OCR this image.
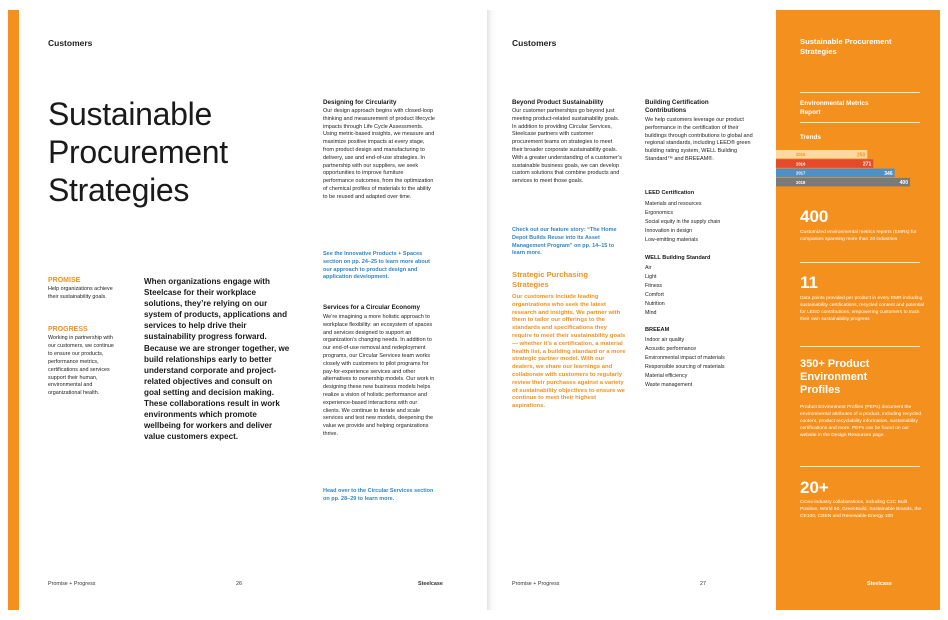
Customers
Sustainable
Procurement
Strategies
PROMISE
Help organizations achieve their sustainability goals.
PROGRESS
Working in partnership with our customers, we continue to ensure our products, performance metrics, certifications and services support their human, environmental and organizational health.
When organizations engage with Steelcase for their workplace solutions, they’re relying on our system of products, applications and services to help drive their sustainability progress forward. Because we are stronger together, we build relationships early to better understand corporate and project-related objectives and consult on goal setting and decision making. These collaborations result in work environments which promote wellbeing for workers and deliver value customers expect.
Designing for Circularity
Our design approach begins with closed-loop thinking and measurement of product lifecycle impacts through Life Cycle Assessments. Using metric-based insights, we measure and maximize positive impacts at every stage, from product design and manufacturing to delivery, use and end-of-use strategies. In partnership with our suppliers, we seek opportunities to improve furniture performance outcomes, from the optimization of chemical profiles of materials to the ability to be reused and adapted over time.
See the Innovative Products + Spaces section on pp. 24–25 to learn more about our approach to product design and application development.
Services for a Circular Economy
We’re imagining a more holistic approach to workplace flexibility: an ecosystem of spaces and services designed to support an organization’s changing needs. In addition to our end-of-use removal and redeployment programs, our Circular Services team works closely with customers to pilot programs for pay-for-experience services and other alternatives to ownership models. Our work in designing these new business models helps realize a vision of holistic performance and experience-based interactions with our clients. We continue to iterate and scale services and test new models, deepening the value we provide and helping organizations thrive.
Head over to the Circular Services section on pp. 28–29 to learn more.
Promise + Progress	26	Steelcase
Customers
Beyond Product Sustainability
Our customer partnerships go beyond just meeting product-related sustainability goals. In addition to providing Circular Services, Steelcase partners with customer procurement teams on strategies to meet their broader corporate sustainability goals. With a greater understanding of a customer’s sustainable business goals, we can develop custom solutions that combine products and services to meet those goals.
Check out our feature story: “The Home Depot Builds Reuse into its Asset Management Program” on pp. 14–15 to learn more.
Strategic Purchasing Strategies
Our customers include leading organizations who seek the latest research and insights. We partner with them to tailor our offerings to the standards and specifications they require to meet their sustainability goals — whether it’s a certification, a material health list, a building standard or a more strategic partner model. With our dealers, we share our learnings and collaborate with customers to regularly review their purchases against a variety of sustainability objectives to ensure we continue to meet their highest aspirations.
Building Certification Contributions
We help customers leverage our product performance in the certification of their buildings through contributions to global and regional standards, including LEED® green building rating system, WELL Building Standard™ and BREEAM®.
LEED Certification
Materials and resources
Ergonomics
Social equity in the supply chain
Innovation in design
Low-emitting materials
WELL Building Standard
Air
Light
Fitness
Comfort
Nutrition
Mind
BREEAM
Indoor air quality
Acoustic performance
Environmental impact of materials
Responsible sourcing of materials
Material efficiency
Waste management
Promise + Progress	27
Sustainable Procurement Strategies
Environmental Metrics Report
Trends
2015	250
2016	271
2017	346
2018	400
400
Customized environmental metrics reports (EMRs) for companies spanning more than 20 industries
11
Data points provided per product in every EMR including sustainability certifications, recycled content and potential for LEED contributions, empowering customers to track their own sustainability progress
350+ Product Environment Profiles
Product Environment Profiles (PEPs) document the environmental attributes of a product, including recycled content, product recyclability information, sustainability certifications and more. PEPs can be found on our website in the Design Resources page.
20+
Cross-industry collaborations, including C2C Built Positive, World 50, GreenBuild, Sustainable Brands, the CE100, CBEN and Renewable Energy 100
Steelcase
